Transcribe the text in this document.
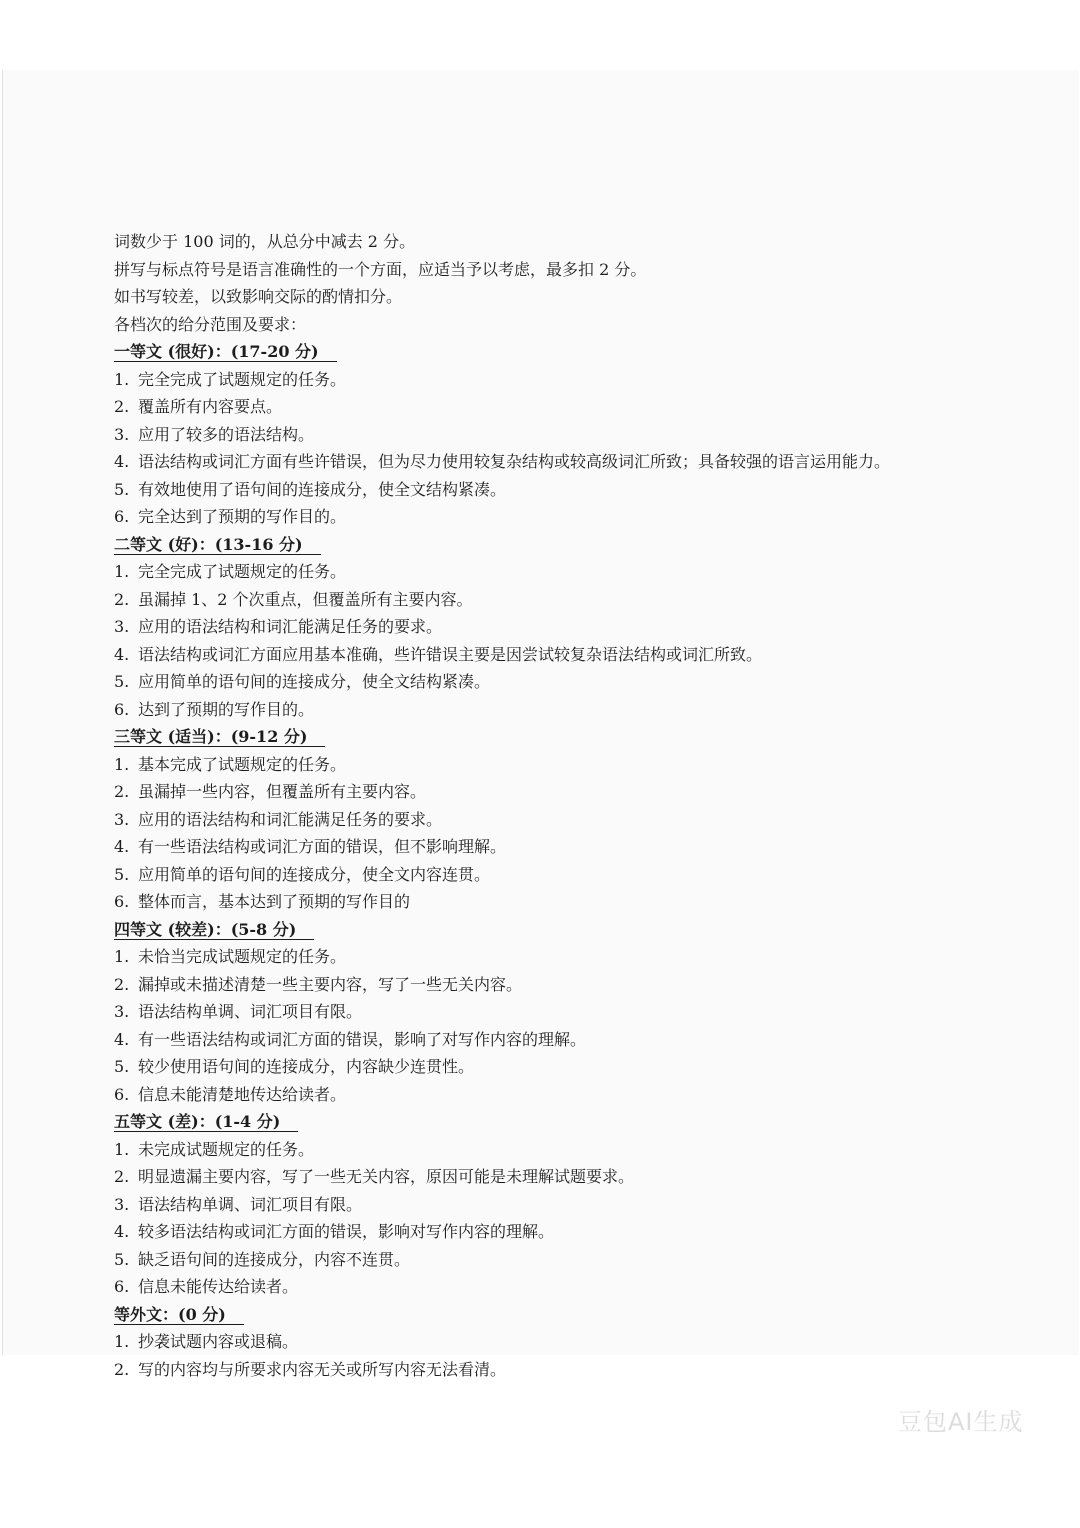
词数少于 100 词的，从总分中减去 2 分。
拼写与标点符号是语言准确性的一个方面，应适当予以考虑，最多扣 2 分。
如书写较差，以致影响交际的酌情扣分。
各档次的给分范围及要求：
一等文 (很好)：(17-20 分)
1. 完全完成了试题规定的任务。
2. 覆盖所有内容要点。
3. 应用了较多的语法结构。
4. 语法结构或词汇方面有些许错误，但为尽力使用较复杂结构或较高级词汇所致；具备较强的语言运用能力。
5. 有效地使用了语句间的连接成分，使全文结构紧凑。
6. 完全达到了预期的写作目的。
二等文 (好)：(13-16 分)
1. 完全完成了试题规定的任务。
2. 虽漏掉 1、2 个次重点，但覆盖所有主要内容。
3. 应用的语法结构和词汇能满足任务的要求。
4. 语法结构或词汇方面应用基本准确，些许错误主要是因尝试较复杂语法结构或词汇所致。
5. 应用简单的语句间的连接成分，使全文结构紧凑。
6. 达到了预期的写作目的。
三等文 (适当)：(9-12 分)
1. 基本完成了试题规定的任务。
2. 虽漏掉一些内容，但覆盖所有主要内容。
3. 应用的语法结构和词汇能满足任务的要求。
4. 有一些语法结构或词汇方面的错误，但不影响理解。
5. 应用简单的语句间的连接成分，使全文内容连贯。
6. 整体而言，基本达到了预期的写作目的
四等文 (较差)：(5-8 分)
1. 未恰当完成试题规定的任务。
2. 漏掉或未描述清楚一些主要内容，写了一些无关内容。
3. 语法结构单调、词汇项目有限。
4. 有一些语法结构或词汇方面的错误，影响了对写作内容的理解。
5. 较少使用语句间的连接成分，内容缺少连贯性。
6. 信息未能清楚地传达给读者。
五等文 (差)：(1-4 分)
1. 未完成试题规定的任务。
2. 明显遗漏主要内容，写了一些无关内容，原因可能是未理解试题要求。
3. 语法结构单调、词汇项目有限。
4. 较多语法结构或词汇方面的错误，影响对写作内容的理解。
5. 缺乏语句间的连接成分，内容不连贯。
6. 信息未能传达给读者。
等外文：(0 分)
1. 抄袭试题内容或退稿。
2. 写的内容均与所要求内容无关或所写内容无法看清。
豆包AI生成
